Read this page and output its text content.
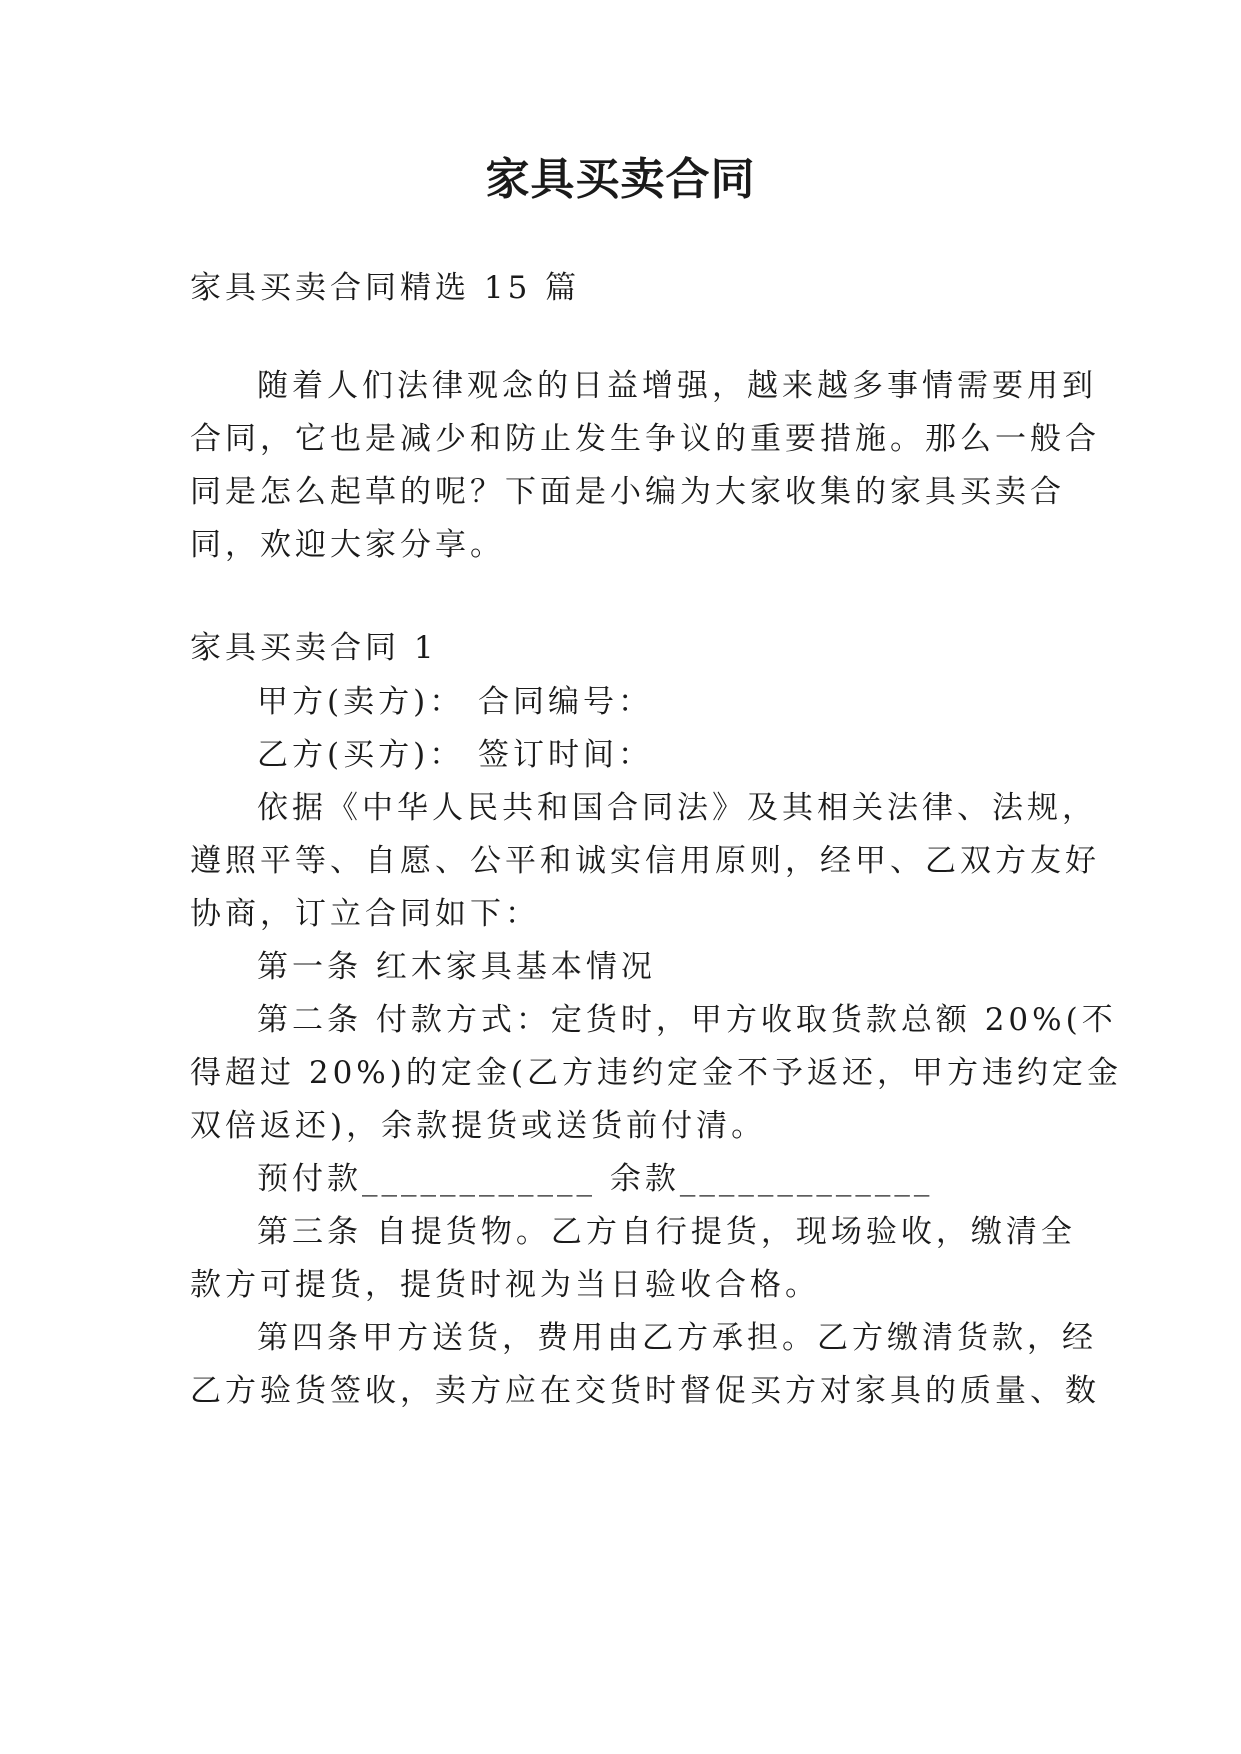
家具买卖合同

家具买卖合同精选 15 篇

随着人们法律观念的日益增强，越来越多事情需要用到

合同，它也是减少和防止发生争议的重要措施。那么一般合

同是怎么起草的呢？下面是小编为大家收集的家具买卖合

同，欢迎大家分享。

家具买卖合同 1

甲方(卖方)： 合同编号：

乙方(买方)： 签订时间：

依据《中华人民共和国合同法》及其相关法律、法规，

遵照平等、自愿、公平和诚实信用原则，经甲、乙双方友好

协商，订立合同如下：

第一条 红木家具基本情况

第二条 付款方式：定货时，甲方收取货款总额 20%(不

得超过 20%)的定金(乙方违约定金不予返还，甲方违约定金

双倍返还)，余款提货或送货前付清。

预付款____________ 余款_____________

第三条 自提货物。乙方自行提货，现场验收，缴清全

款方可提货，提货时视为当日验收合格。

第四条甲方送货，费用由乙方承担。乙方缴清货款，经

乙方验货签收，卖方应在交货时督促买方对家具的质量、数
